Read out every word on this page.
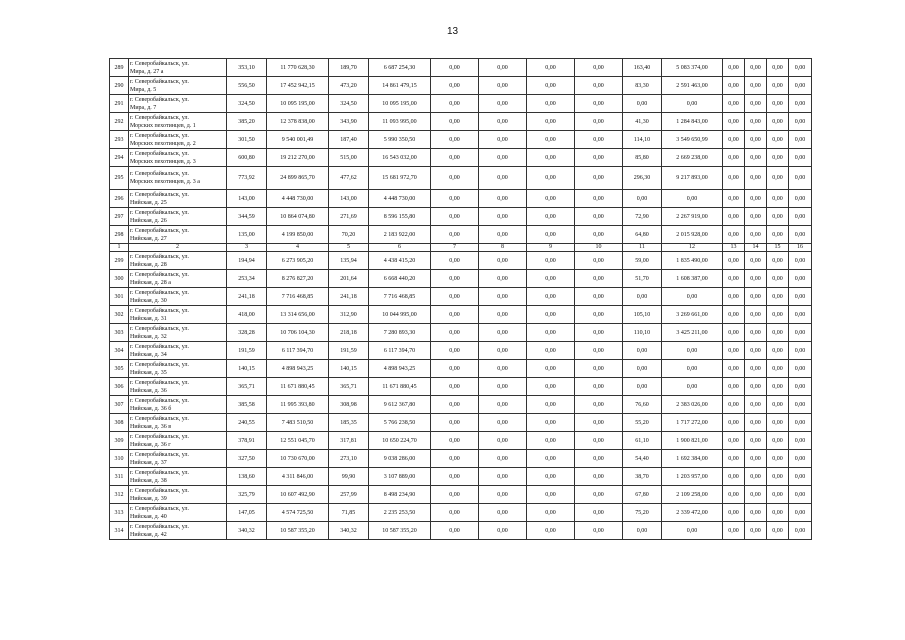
13
289	г. Северобайкальск, ул.
Мира, д. 27 а	353,10	11 770 628,30	189,70	6 687 254,30	0,00	0,00	0,00	0,00	163,40	5 083 374,00	0,00	0,00	0,00	0,00
290	г. Северобайкальск, ул.
Мира, д. 5	556,50	17 452 942,15	473,20	14 861 479,15	0,00	0,00	0,00	0,00	83,30	2 591 463,00	0,00	0,00	0,00	0,00
291	г. Северобайкальск, ул.
Мира, д. 7	324,50	10 095 195,00	324,50	10 095 195,00	0,00	0,00	0,00	0,00	0,00	0,00	0,00	0,00	0,00	0,00
292	г. Северобайкальск, ул.
Морских пехотинцев, д. 1	385,20	12 378 838,00	343,90	11 093 995,00	0,00	0,00	0,00	0,00	41,30	1 284 843,00	0,00	0,00	0,00	0,00
293	г. Северобайкальск, ул.
Морских пехотинцев, д. 2	301,50	9 540 001,49	187,40	5 990 350,50	0,00	0,00	0,00	0,00	114,10	3 549 650,99	0,00	0,00	0,00	0,00
294	г. Северобайкальск, ул.
Морских пехотинцев, д. 3	600,80	19 212 270,00	515,00	16 543 032,00	0,00	0,00	0,00	0,00	85,80	2 669 238,00	0,00	0,00	0,00	0,00
295	г. Северобайкальск, ул.
Морских пехотинцев, д. 3 а	773,92	24 899 865,70	477,62	15 681 972,70	0,00	0,00	0,00	0,00	296,30	9 217 893,00	0,00	0,00	0,00	0,00
296	г. Северобайкальск, ул.
Нийская, д. 25	143,00	4 448 730,00	143,00	4 448 730,00	0,00	0,00	0,00	0,00	0,00	0,00	0,00	0,00	0,00	0,00
297	г. Северобайкальск, ул.
Нийская, д. 26	344,59	10 864 074,80	271,69	8 596 155,80	0,00	0,00	0,00	0,00	72,90	2 267 919,00	0,00	0,00	0,00	0,00
298	г. Северобайкальск, ул.
Нийская, д. 27	135,00	4 199 850,00	70,20	2 183 922,00	0,00	0,00	0,00	0,00	64,80	2 015 928,00	0,00	0,00	0,00	0,00
1	2	3	4	5	6	7	8	9	10	11	12	13	14	15	16
299	г. Северобайкальск, ул.
Нийская, д. 28	194,94	6 273 905,20	135,94	4 438 415,20	0,00	0,00	0,00	0,00	59,00	1 835 490,00	0,00	0,00	0,00	0,00
300	г. Северобайкальск, ул.
Нийская, д. 28 а	253,34	8 276 827,20	201,64	6 668 440,20	0,00	0,00	0,00	0,00	51,70	1 608 387,00	0,00	0,00	0,00	0,00
301	г. Северобайкальск, ул.
Нийская, д. 30	241,18	7 716 468,85	241,18	7 716 468,85	0,00	0,00	0,00	0,00	0,00	0,00	0,00	0,00	0,00	0,00
302	г. Северобайкальск, ул.
Нийская, д. 31	418,00	13 314 656,00	312,90	10 044 995,00	0,00	0,00	0,00	0,00	105,10	3 269 661,00	0,00	0,00	0,00	0,00
303	г. Северобайкальск, ул.
Нийская, д. 32	328,28	10 706 104,30	218,18	7 280 893,30	0,00	0,00	0,00	0,00	110,10	3 425 211,00	0,00	0,00	0,00	0,00
304	г. Северобайкальск, ул.
Нийская, д. 34	191,59	6 117 394,70	191,59	6 117 394,70	0,00	0,00	0,00	0,00	0,00	0,00	0,00	0,00	0,00	0,00
305	г. Северобайкальск, ул.
Нийская, д. 35	140,15	4 898 943,25	140,15	4 898 943,25	0,00	0,00	0,00	0,00	0,00	0,00	0,00	0,00	0,00	0,00
306	г. Северобайкальск, ул.
Нийская, д. 36	365,71	11 671 880,45	365,71	11 671 880,45	0,00	0,00	0,00	0,00	0,00	0,00	0,00	0,00	0,00	0,00
307	г. Северобайкальск, ул.
Нийская, д. 36 б	385,58	11 995 393,80	308,98	9 612 367,80	0,00	0,00	0,00	0,00	76,60	2 383 026,00	0,00	0,00	0,00	0,00
308	г. Северобайкальск, ул.
Нийская, д. 36 в	240,55	7 483 510,50	185,35	5 766 238,50	0,00	0,00	0,00	0,00	55,20	1 717 272,00	0,00	0,00	0,00	0,00
309	г. Северобайкальск, ул.
Нийская, д. 36 г	378,91	12 551 045,70	317,81	10 650 224,70	0,00	0,00	0,00	0,00	61,10	1 900 821,00	0,00	0,00	0,00	0,00
310	г. Северобайкальск, ул.
Нийская, д. 37	327,50	10 730 670,00	273,10	9 038 286,00	0,00	0,00	0,00	0,00	54,40	1 692 384,00	0,00	0,00	0,00	0,00
311	г. Северобайкальск, ул.
Нийская, д. 38	138,60	4 311 846,00	99,90	3 107 889,00	0,00	0,00	0,00	0,00	38,70	1 203 957,00	0,00	0,00	0,00	0,00
312	г. Северобайкальск, ул.
Нийская, д. 39	325,79	10 607 492,90	257,99	8 498 234,90	0,00	0,00	0,00	0,00	67,80	2 109 258,00	0,00	0,00	0,00	0,00
313	г. Северобайкальск, ул.
Нийская, д. 40	147,05	4 574 725,50	71,85	2 235 253,50	0,00	0,00	0,00	0,00	75,20	2 339 472,00	0,00	0,00	0,00	0,00
314	г. Северобайкальск, ул.
Нийская, д. 42	340,32	10 587 355,20	340,32	10 587 355,20	0,00	0,00	0,00	0,00	0,00	0,00	0,00	0,00	0,00	0,00
